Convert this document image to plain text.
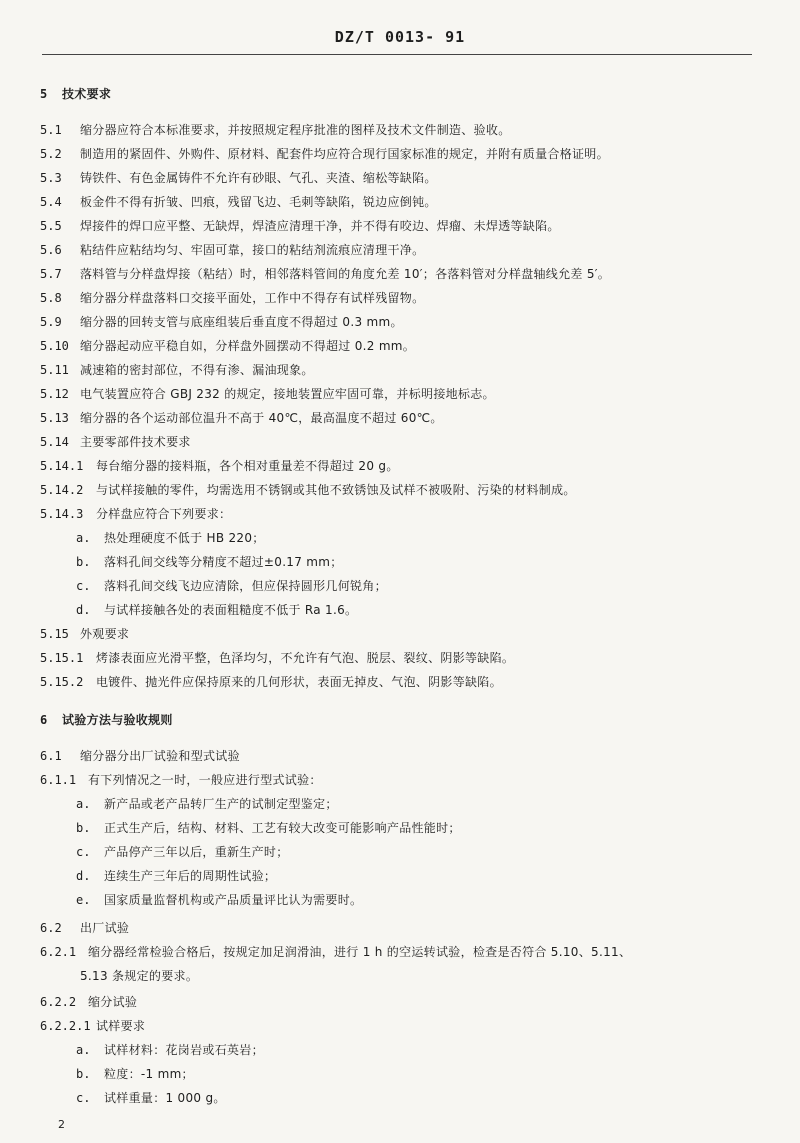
DZ/T 0013- 91
5 技术要求
5.1 缩分器应符合本标准要求，并按照规定程序批准的图样及技术文件制造、验收。
5.2 制造用的紧固件、外购件、原材料、配套件均应符合现行国家标准的规定，并附有质量合格证明。
5.3 铸铁件、有色金属铸件不允许有砂眼、气孔、夹渣、缩松等缺陷。
5.4 板金件不得有折皱、凹痕，残留飞边、毛刺等缺陷，锐边应倒钝。
5.5 焊接件的焊口应平整、无缺焊，焊渣应清理干净，并不得有咬边、焊瘤、未焊透等缺陷。
5.6 粘结件应粘结均匀、牢固可靠，接口的粘结剂流痕应清理干净。
5.7 落料管与分样盘焊接（粘结）时，相邻落料管间的角度允差 10′；各落料管对分样盘轴线允差 5′。
5.8 缩分器分样盘落料口交接平面处，工作中不得存有试样残留物。
5.9 缩分器的回转支管与底座组装后垂直度不得超过 0.3 mm。
5.10 缩分器起动应平稳自如，分样盘外圆摆动不得超过 0.2 mm。
5.11 减速箱的密封部位，不得有渗、漏油现象。
5.12 电气装置应符合 GBJ 232 的规定，接地装置应牢固可靠，并标明接地标志。
5.13 缩分器的各个运动部位温升不高于 40℃，最高温度不超过 60℃。
5.14 主要零部件技术要求
5.14.1 每台缩分器的接料瓶，各个相对重量差不得超过 20 g。
5.14.2 与试样接触的零件，均需选用不锈钢或其他不致锈蚀及试样不被吸附、污染的材料制成。
5.14.3 分样盘应符合下列要求：
a. 热处理硬度不低于 HB 220；
b. 落料孔间交线等分精度不超过±0.17 mm；
c. 落料孔间交线飞边应清除，但应保持圆形几何锐角；
d. 与试样接触各处的表面粗糙度不低于 Ra 1.6。
5.15 外观要求
5.15.1 烤漆表面应光滑平整，色泽均匀，不允许有气泡、脱层、裂纹、阴影等缺陷。
5.15.2 电镀件、抛光件应保持原来的几何形状，表面无掉皮、气泡、阴影等缺陷。
6 试验方法与验收规则
6.1 缩分器分出厂试验和型式试验
6.1.1 有下列情况之一时，一般应进行型式试验：
a. 新产品或老产品转厂生产的试制定型鉴定；
b. 正式生产后，结构、材料、工艺有较大改变可能影响产品性能时；
c. 产品停产三年以后，重新生产时；
d. 连续生产三年后的周期性试验；
e. 国家质量监督机构或产品质量评比认为需要时。
6.2 出厂试验
6.2.1 缩分器经常检验合格后，按规定加足润滑油，进行 1 h 的空运转试验，检查是否符合 5.10、5.11、
5.13 条规定的要求。
6.2.2 缩分试验
6.2.2.1 试样要求
a. 试样材料：花岗岩或石英岩；
b. 粒度：-1 mm；
c. 试样重量：1 000 g。
2
